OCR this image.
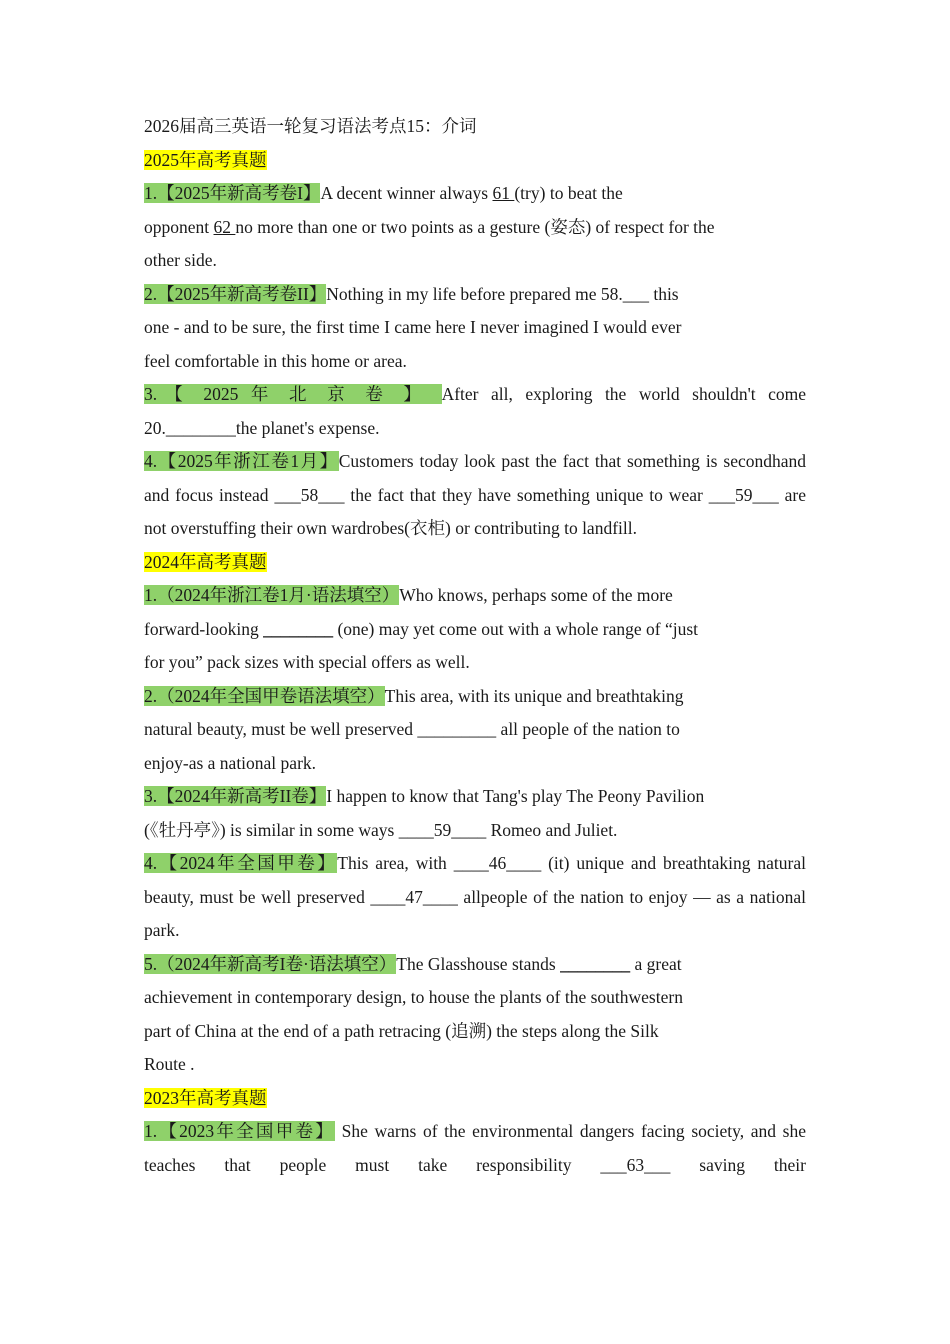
2026届高三英语一轮复习语法考点15：介词

2025年高考真题

1.【2025年新高考卷I】A decent winner always 61 (try) to beat the
opponent 62 no more than one or two points as a gesture (姿态) of respect for the
other side.

2.【2025年新高考卷II】Nothing in my life before prepared me 58.___ this
one - and to be sure, the first time I came here I never imagined I would ever
feel comfortable in this home or area.

3.【 2025 年 北 京 卷 】 After all, exploring the world shouldn't come

20.________the planet's expense.

4.【2025年浙江卷1月】Customers today look past the fact that something is secondhand and focus instead ___58___ the fact that they have something unique to wear ___59___ are not overstuffing their own wardrobes(衣柜) or contributing to landfill.

2024年高考真题

1.（2024年浙江卷1月·语法填空）Who knows, perhaps some of the more
forward-looking ________ (one) may yet come out with a whole range of “just
for you” pack sizes with special offers as well.

2.（2024年全国甲卷语法填空）This area, with its unique and breathtaking
natural beauty, must be well preserved _________ all people of the nation to
enjoy-as a national park.

3.【2024年新高考II卷】I happen to know that Tang's play The Peony Pavilion
(《牡丹亭》) is similar in some ways ____59____ Romeo and Juliet.

4.【2024年全国甲卷】This area, with ____46____ (it) unique and breathtaking natural beauty, must be well preserved ____47____ allpeople of the nation to enjoy — as a national park.

5.（2024年新高考I卷·语法填空）The Glasshouse stands ________ a great
achievement in contemporary design, to house the plants of the southwestern
part of China at the end of a path retracing (追溯) the steps along the Silk
Route .

2023年高考真题

1.【2023年全国甲卷】 She warns of the environmental dangers facing society, and she teaches that people must take responsibility ___63___ saving their
